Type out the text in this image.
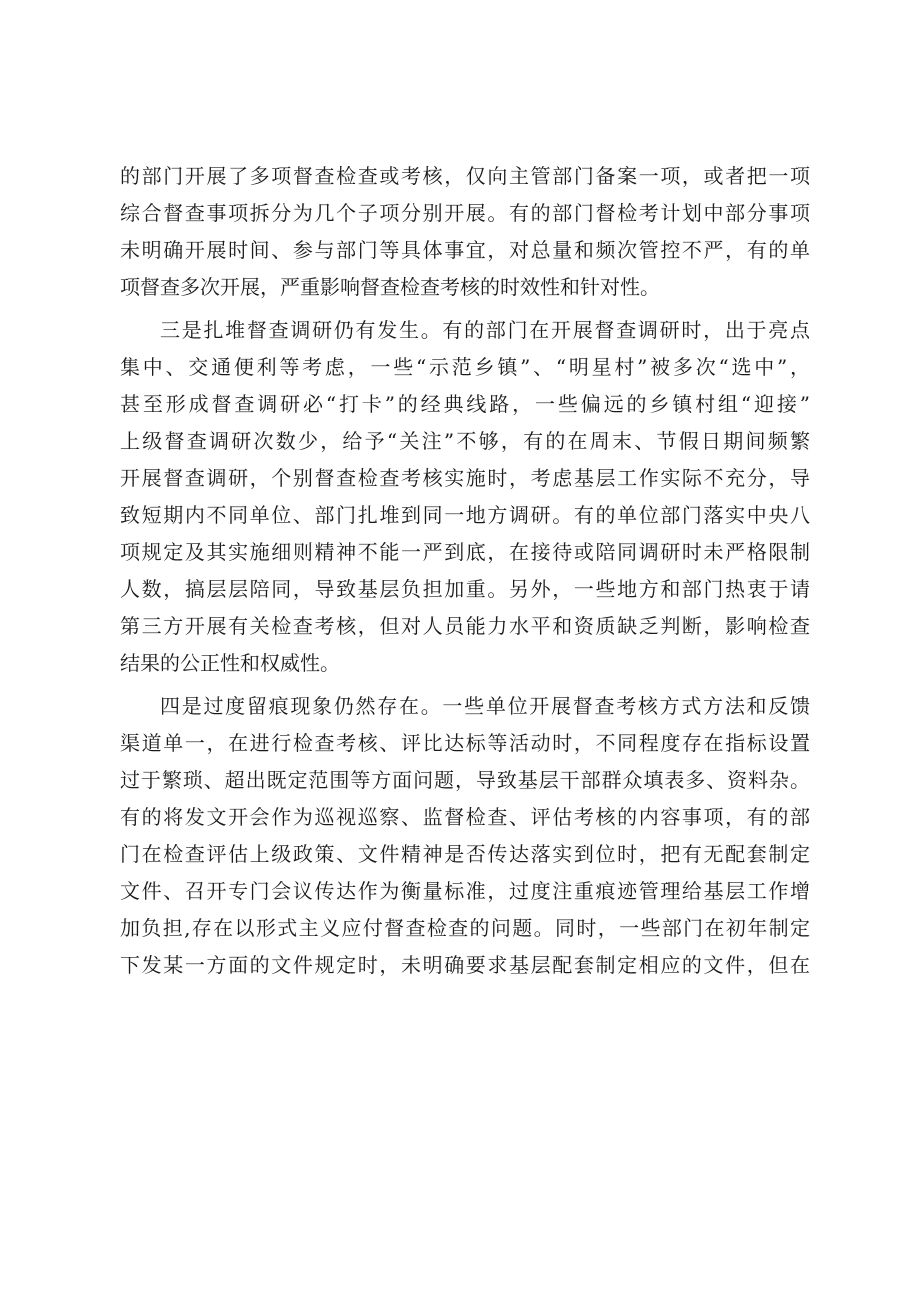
的部门开展了多项督查检查或考核，仅向主管部门备案一项，或者把一项
综合督查事项拆分为几个子项分别开展。有的部门督检考计划中部分事项
未明确开展时间、参与部门等具体事宜，对总量和频次管控不严，有的单
项督查多次开展，严重影响督查检查考核的时效性和针对性。
三是扎堆督查调研仍有发生。有的部门在开展督查调研时，出于亮点
集中、交通便利等考虑，一些“示范乡镇”、“明星村”被多次“选中”，
甚至形成督查调研必“打卡”的经典线路，一些偏远的乡镇村组“迎接”
上级督查调研次数少，给予“关注”不够，有的在周末、节假日期间频繁
开展督查调研，个别督查检查考核实施时，考虑基层工作实际不充分，导
致短期内不同单位、部门扎堆到同一地方调研。有的单位部门落实中央八
项规定及其实施细则精神不能一严到底，在接待或陪同调研时未严格限制
人数，搞层层陪同，导致基层负担加重。另外，一些地方和部门热衷于请
第三方开展有关检查考核，但对人员能力水平和资质缺乏判断，影响检查
结果的公正性和权威性。
四是过度留痕现象仍然存在。一些单位开展督查考核方式方法和反馈
渠道单一，在进行检查考核、评比达标等活动时，不同程度存在指标设置
过于繁琐、超出既定范围等方面问题，导致基层干部群众填表多、资料杂。
有的将发文开会作为巡视巡察、监督检查、评估考核的内容事项，有的部
门在检查评估上级政策、文件精神是否传达落实到位时，把有无配套制定
文件、召开专门会议传达作为衡量标准，过度注重痕迹管理给基层工作增
加负担,存在以形式主义应付督查检查的问题。同时，一些部门在初年制定
下发某一方面的文件规定时，未明确要求基层配套制定相应的文件，但在
